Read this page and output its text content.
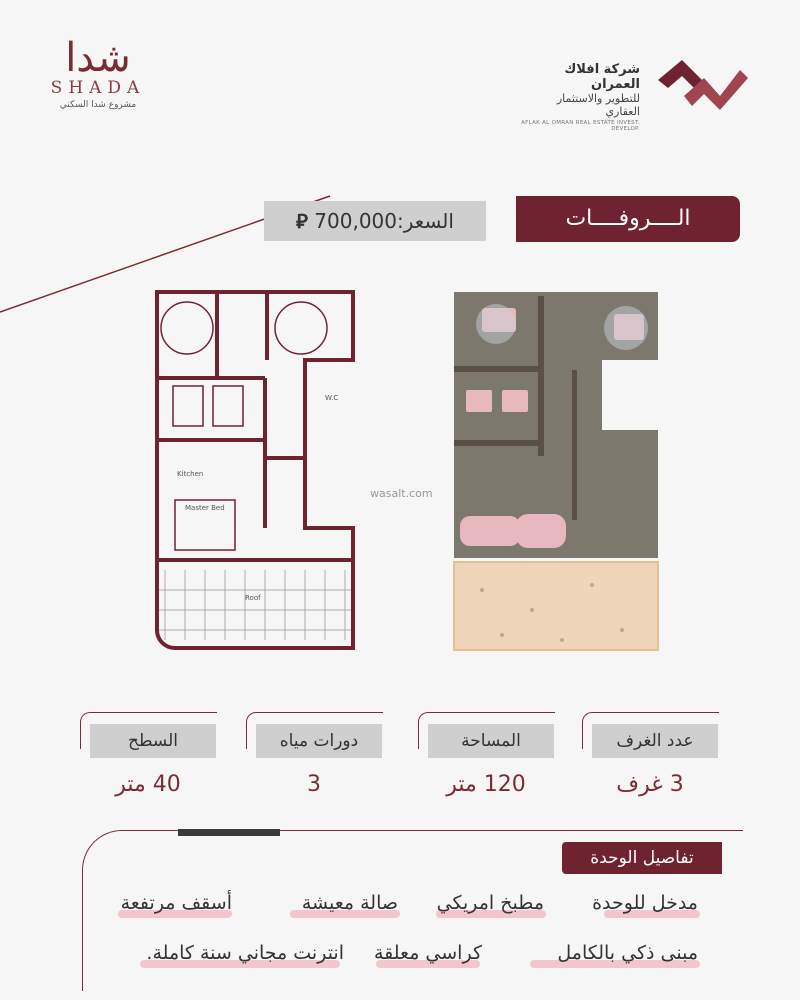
شدا
SHADA
مشروع شدا السكني
شركة افلاك العمران
للتطوير والاستثمار العقاري
AFLAK AL OMRAN REAL ESTATE INVEST. DEVELOP.
الــــروفــــات
السعر:700,000 ⃁
Kitchen
Master Bed
W.C
Roof
wasalt.com
عدد الغرف
3 غرف
المساحة
120 متر
دورات مياه
3
السطح
40 متر
تفاصيل الوحدة
مدخل للوحدة
مطبخ امريكي
صالة معيشة
أسقف مرتفعة
مبنى ذكي بالكامل
كراسي معلقة
انترنت مجاني سنة كاملة.
